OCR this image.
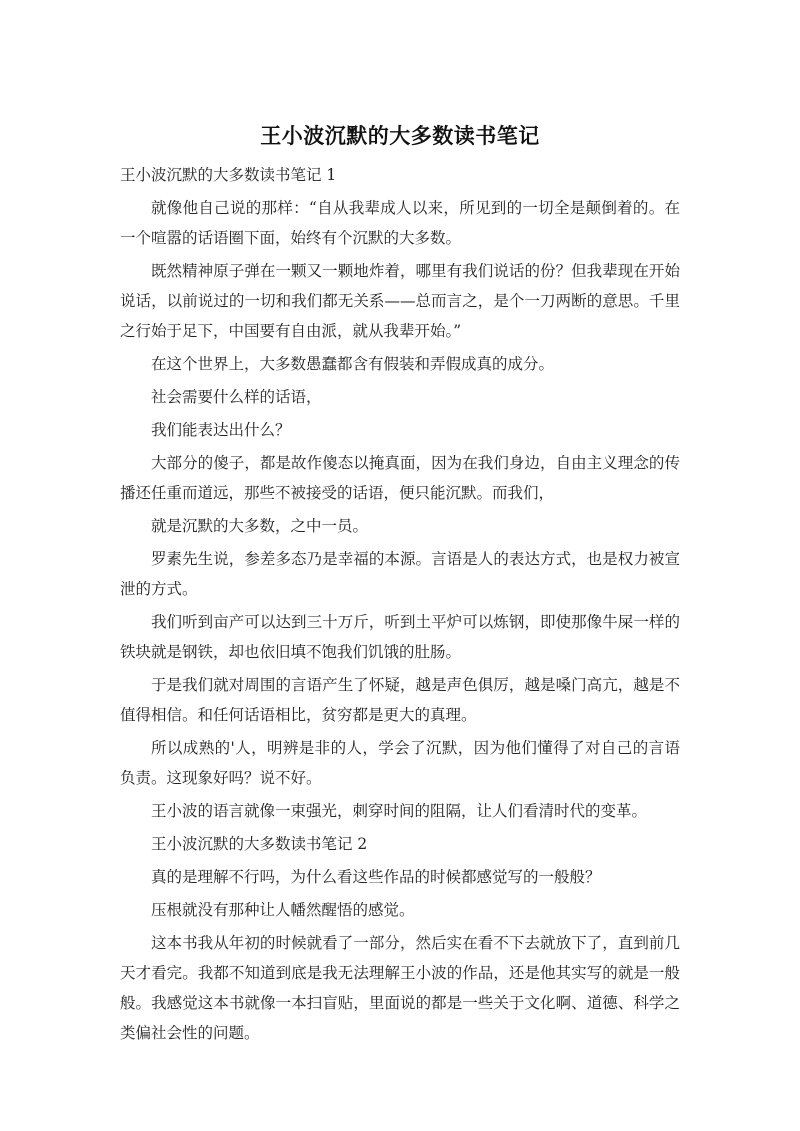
王小波沉默的大多数读书笔记

王小波沉默的大多数读书笔记 1

就像他自己说的那样：“自从我辈成人以来，所见到的一切全是颠倒着的。在一个喧嚣的话语圈下面，始终有个沉默的大多数。

既然精神原子弹在一颗又一颗地炸着，哪里有我们说话的份？但我辈现在开始说话，以前说过的一切和我们都无关系——总而言之，是个一刀两断的意思。千里之行始于足下，中国要有自由派，就从我辈开始。”

在这个世界上，大多数愚蠢都含有假装和弄假成真的成分。

社会需要什么样的话语，

我们能表达出什么？

大部分的傻子，都是故作傻态以掩真面，因为在我们身边，自由主义理念的传播还任重而道远，那些不被接受的话语，便只能沉默。而我们，

就是沉默的大多数，之中一员。

罗素先生说，参差多态乃是幸福的本源。言语是人的表达方式，也是权力被宣泄的方式。

我们听到亩产可以达到三十万斤，听到土平炉可以炼钢，即使那像牛屎一样的铁块就是钢铁，却也依旧填不饱我们饥饿的肚肠。

于是我们就对周围的言语产生了怀疑，越是声色俱厉，越是嗓门高亢，越是不值得相信。和任何话语相比，贫穷都是更大的真理。

所以成熟的'人，明辨是非的人，学会了沉默，因为他们懂得了对自己的言语负责。这现象好吗？说不好。

王小波的语言就像一束强光，刺穿时间的阻隔，让人们看清时代的变革。

王小波沉默的大多数读书笔记 2

真的是理解不行吗，为什么看这些作品的时候都感觉写的一般般？

压根就没有那种让人幡然醒悟的感觉。

这本书我从年初的时候就看了一部分，然后实在看不下去就放下了，直到前几天才看完。我都不知道到底是我无法理解王小波的作品，还是他其实写的就是一般般。我感觉这本书就像一本扫盲贴，里面说的都是一些关于文化啊、道德、科学之类偏社会性的问题。
